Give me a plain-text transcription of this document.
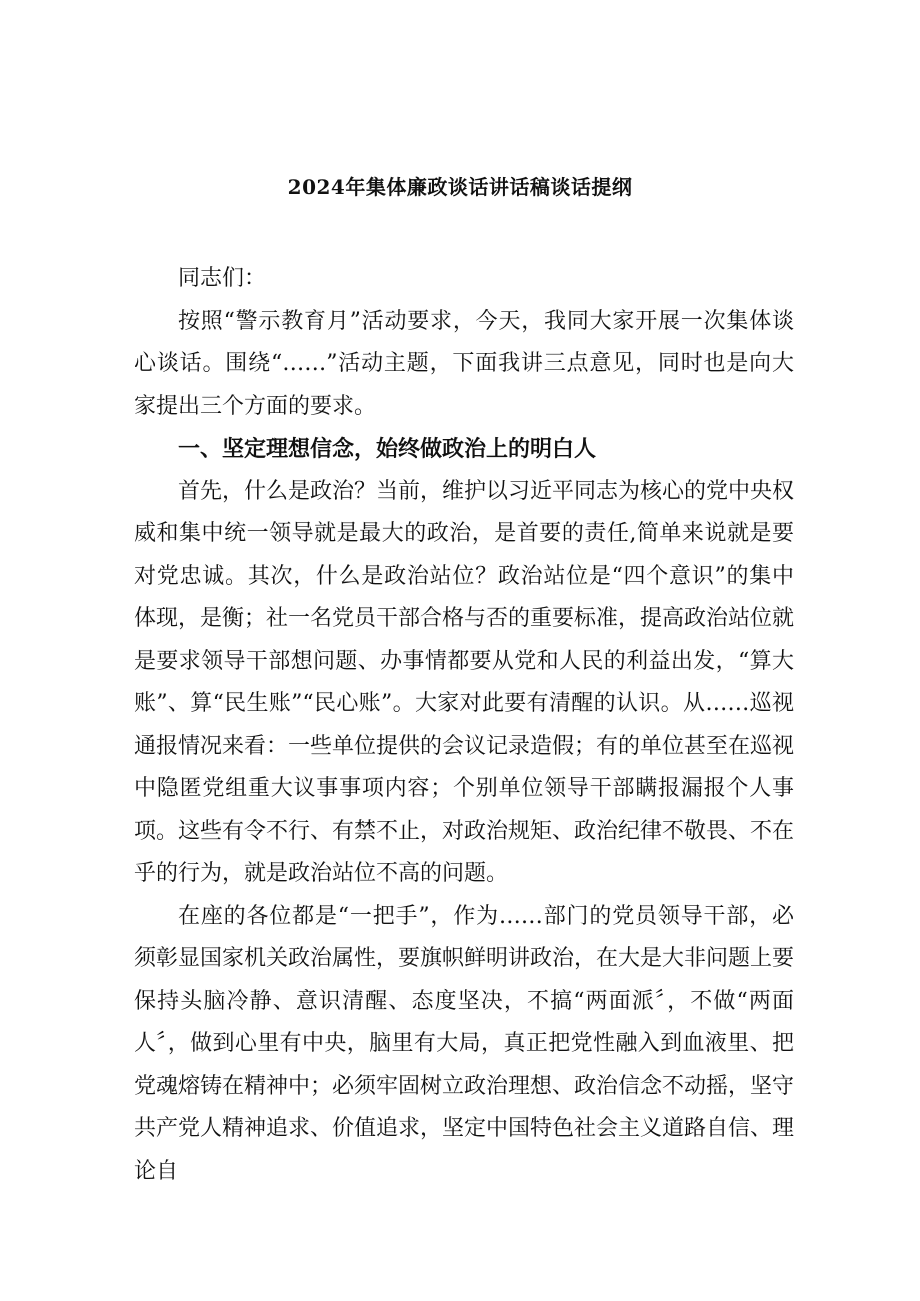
2024年集体廉政谈话讲话稿谈话提纲

同志们：

按照“警示教育月”活动要求，今天，我同大家开展一次集体谈心谈话。围绕“……”活动主题，下面我讲三点意见，同时也是向大家提出三个方面的要求。

一、坚定理想信念，始终做政治上的明白人

首先，什么是政治？当前，维护以习近平同志为核心的党中央权威和集中统一领导就是最大的政治，是首要的责任,简单来说就是要对党忠诚。其次，什么是政治站位？政治站位是“四个意识”的集中体现，是衡；社一名党员干部合格与否的重要标准，提高政治站位就是要求领导干部想问题、办事情都要从党和人民的利益出发，“算大账”、算“民生账”“民心账”。大家对此要有清醒的认识。从……巡视通报情况来看：一些单位提供的会议记录造假；有的单位甚至在巡视中隐匿党组重大议事事项内容；个别单位领导干部瞒报漏报个人事项。这些有令不行、有禁不止，对政治规矩、政治纪律不敬畏、不在乎的行为，就是政治站位不高的问题。

在座的各位都是“一把手”，作为……部门的党员领导干部，必须彰显国家机关政治属性，要旗帜鲜明讲政治，在大是大非问题上要保持头脑冷静、意识清醒、态度坚决，不搞“两面派〞，不做“两面人〞，做到心里有中央，脑里有大局，真正把党性融入到血液里、把党魂熔铸在精神中；必须牢固树立政治理想、政治信念不动摇，坚守共产党人精神追求、价值追求，坚定中国特色社会主义道路自信、理论自
